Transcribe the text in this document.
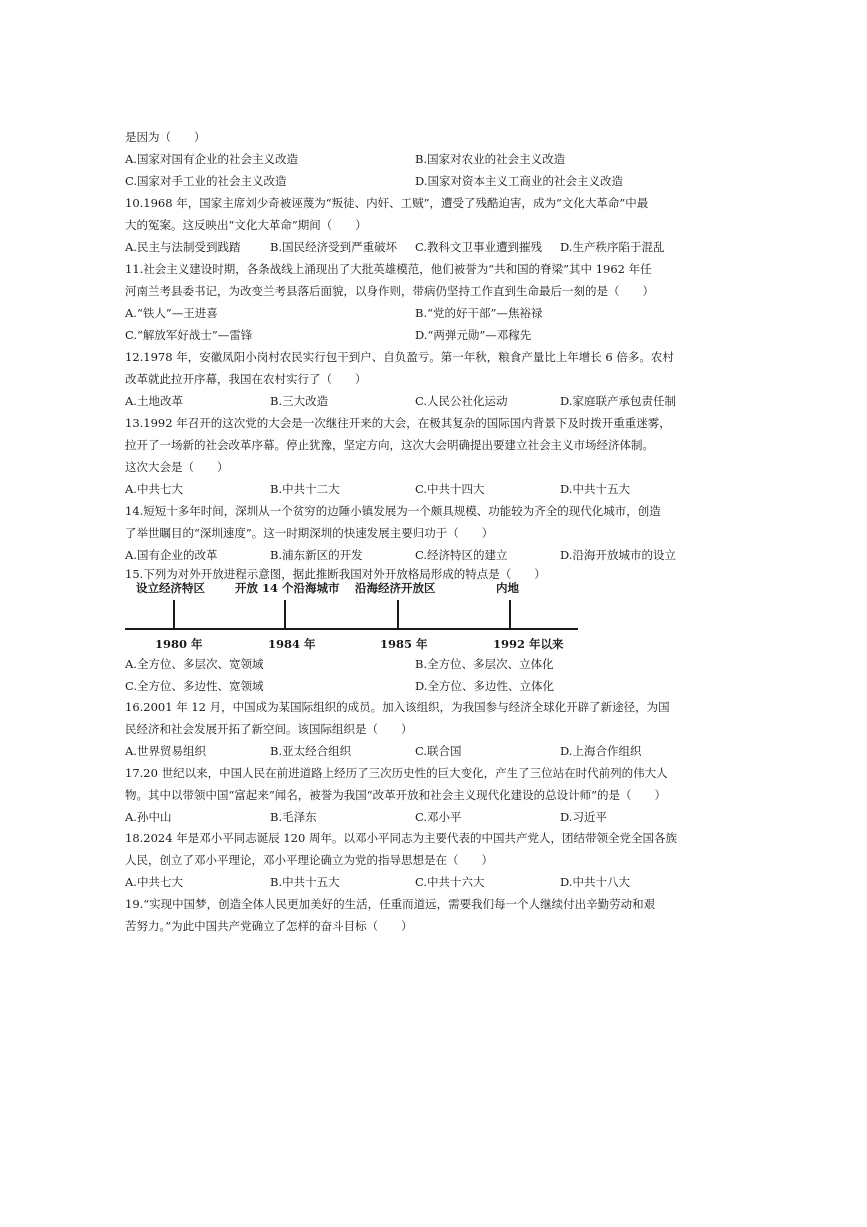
是因为（　　）
A.国家对国有企业的社会主义改造	B.国家对农业的社会主义改造
C.国家对手工业的社会主义改造	D.国家对资本主义工商业的社会主义改造
10.1968 年，国家主席刘少奇被诬蔑为“叛徒、内奸、工贼”，遭受了残酷迫害，成为“文化大革命”中最
大的冤案。这反映出“文化大革命”期间（　　）
A.民主与法制受到践踏	B.国民经济受到严重破坏 C.教科文卫事业遭到摧残 D.生产秩序陷于混乱
11.社会主义建设时期，各条战线上涌现出了大批英雄模范，他们被誉为“共和国的脊梁”其中 1962 年任
河南兰考县委书记，为改变兰考县落后面貌，以身作则，带病仍坚持工作直到生命最后一刻的是（　　）
A.“铁人”—王进喜	B.“党的好干部”—焦裕禄
C.“解放军好战士”—雷锋	D.“两弹元勋”—邓稼先
12.1978 年，安徽凤阳小岗村农民实行包干到户、自负盈亏。第一年秋，粮食产量比上年增长 6 倍多。农村
改革就此拉开序幕，我国在农村实行了（　　）
A.土地改革	B.三大改造	C.人民公社化运动	D.家庭联产承包责任制
13.1992 年召开的这次党的大会是一次继往开来的大会，在极其复杂的国际国内背景下及时拨开重重迷雾，
拉开了一场新的社会改革序幕。停止犹豫，坚定方向，这次大会明确提出要建立社会主义市场经济体制。
这次大会是（　　）
A.中共七大	B.中共十二大	C.中共十四大	D.中共十五大
14.短短十多年时间，深圳从一个贫穷的边陲小镇发展为一个颇具规模、功能较为齐全的现代化城市，创造
了举世瞩目的“深圳速度”。这一时期深圳的快速发展主要归功于（　　）
A.国有企业的改革	B.浦东新区的开发	C.经济特区的建立	D.沿海开放城市的设立
15.下列为对外开放进程示意图，据此推断我国对外开放格局形成的特点是（　　）
设立经济特区	开放 14 个沿海城市 沿海经济开放区	内地
1980 年	1984 年	1985 年	1992 年以来
A.全方位、多层次、宽领域	B.全方位、多层次、立体化
C.全方位、多边性、宽领域	D.全方位、多边性、立体化
16.2001 年 12 月，中国成为某国际组织的成员。加入该组织，为我国参与经济全球化开辟了新途径，为国
民经济和社会发展开拓了新空间。该国际组织是（　　）
A.世界贸易组织	B.亚太经合组织	C.联合国	D.上海合作组织
17.20 世纪以来，中国人民在前进道路上经历了三次历史性的巨大变化，产生了三位站在时代前列的伟大人
物。其中以带领中国“富起来”闻名，被誉为我国“改革开放和社会主义现代化建设的总设计师”的是（　　）
A.孙中山	B.毛泽东	C.邓小平	D.习近平
18.2024 年是邓小平同志诞辰 120 周年。以邓小平同志为主要代表的中国共产党人，团结带领全党全国各族
人民，创立了邓小平理论，邓小平理论确立为党的指导思想是在（　　）
A.中共七大	B.中共十五大	C.中共十六大	D.中共十八大
19.“实现中国梦，创造全体人民更加美好的生活，任重而道远，需要我们每一个人继续付出辛勤劳动和艰
苦努力。”为此中国共产党确立了怎样的奋斗目标（　　）
